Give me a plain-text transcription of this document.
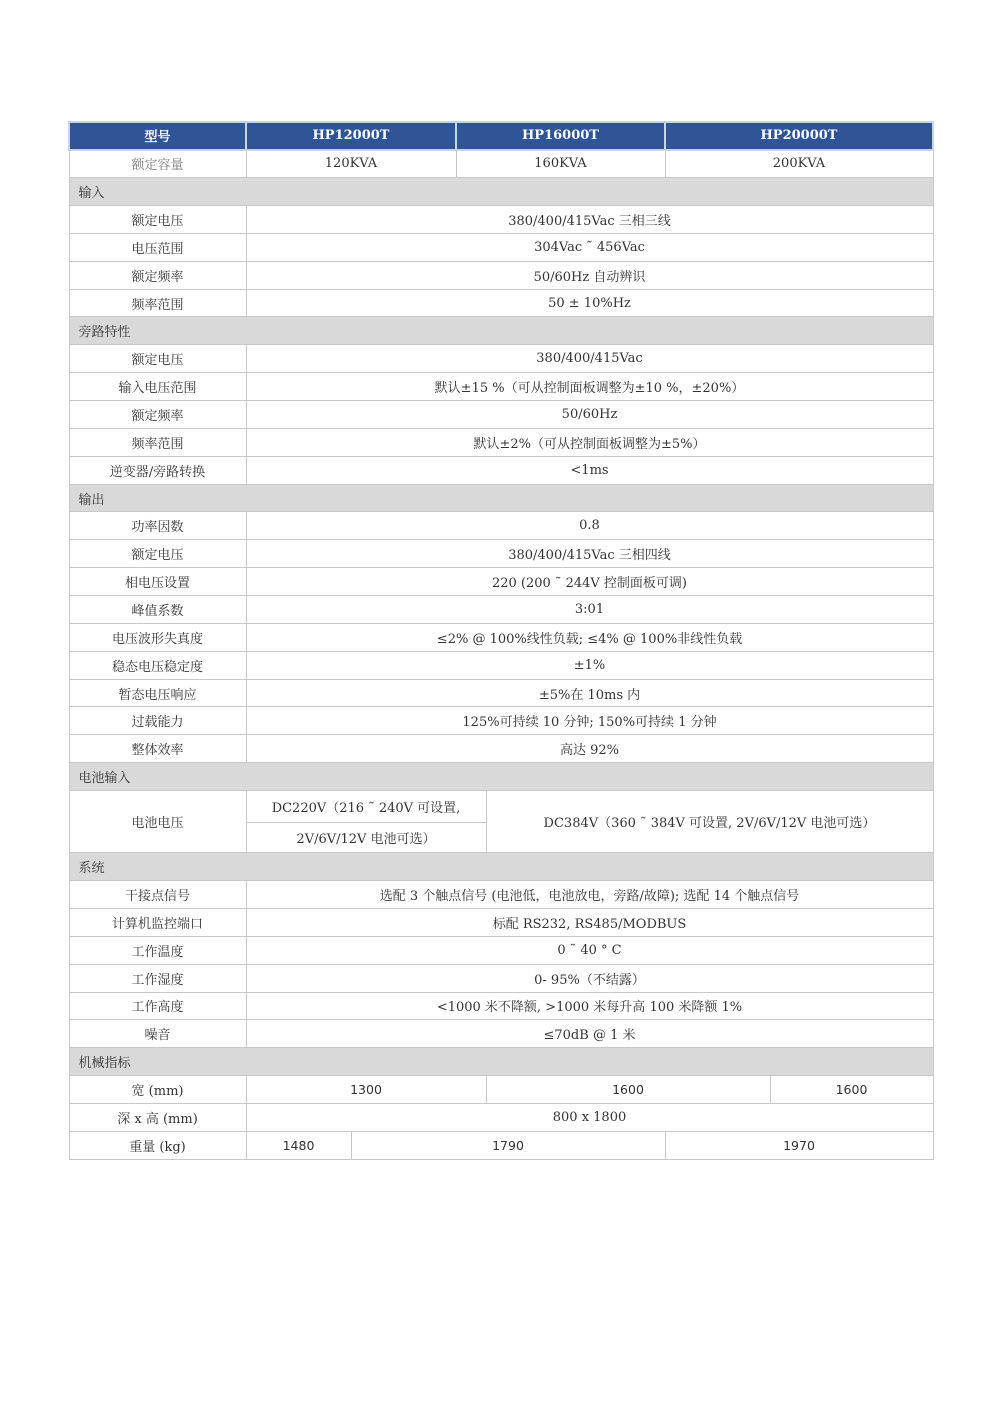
型号	HP12000T		HP16000T		HP20000T	
额定容量	120KVA		160KVA		200KVA	
输入						
额定电压	380/400/415Vac 三相三线					
电压范围	304Vac ˜ 456Vac					
额定频率	50/60Hz 自动辨识					
频率范围	50 ± 10%Hz					
旁路特性						
额定电压	380/400/415Vac					
输入电压范围	默认±15 %（可从控制面板调整为±10 %，±20%）					
额定频率	50/60Hz					
频率范围	默认±2%（可从控制面板调整为±5%）					
逆变器/旁路转换	<1ms					
输出						
功率因数	0.8					
额定电压	380/400/415Vac 三相四线					
相电压设置	220 (200 ˜ 244V 控制面板可调)					
峰值系数	3:01					
电压波形失真度	≤2% @ 100%线性负载; ≤4% @ 100%非线性负载					
稳态电压稳定度	±1%					
暂态电压响应	±5%在 10ms 内					
过载能力	125%可持续 10 分钟; 150%可持续 1 分钟					
整体效率	高达 92%					
电池输入						
电池电压	DC220V（216 ˜ 240V 可设置,			DC384V（360 ˜ 384V 可设置, 2V/6V/12V 电池可选）		
	2V/6V/12V 电池可选）					
系统						
干接点信号	选配 3 个触点信号 (电池低，电池放电，旁路/故障); 选配 14 个触点信号					
计算机监控端口	标配 RS232, RS485/MODBUS					
工作温度	0 ˜ 40 ° C					
工作湿度	0- 95%（不结露）					
工作高度	<1000 米不降额, >1000 米每升高 100 米降额 1%					
噪音	≤70dB @ 1 米					
机械指标						
宽 (mm)	1300			1600		1600
深 x 高 (mm)	800 x 1800					
重量 (kg)	1480	1790			1970	
